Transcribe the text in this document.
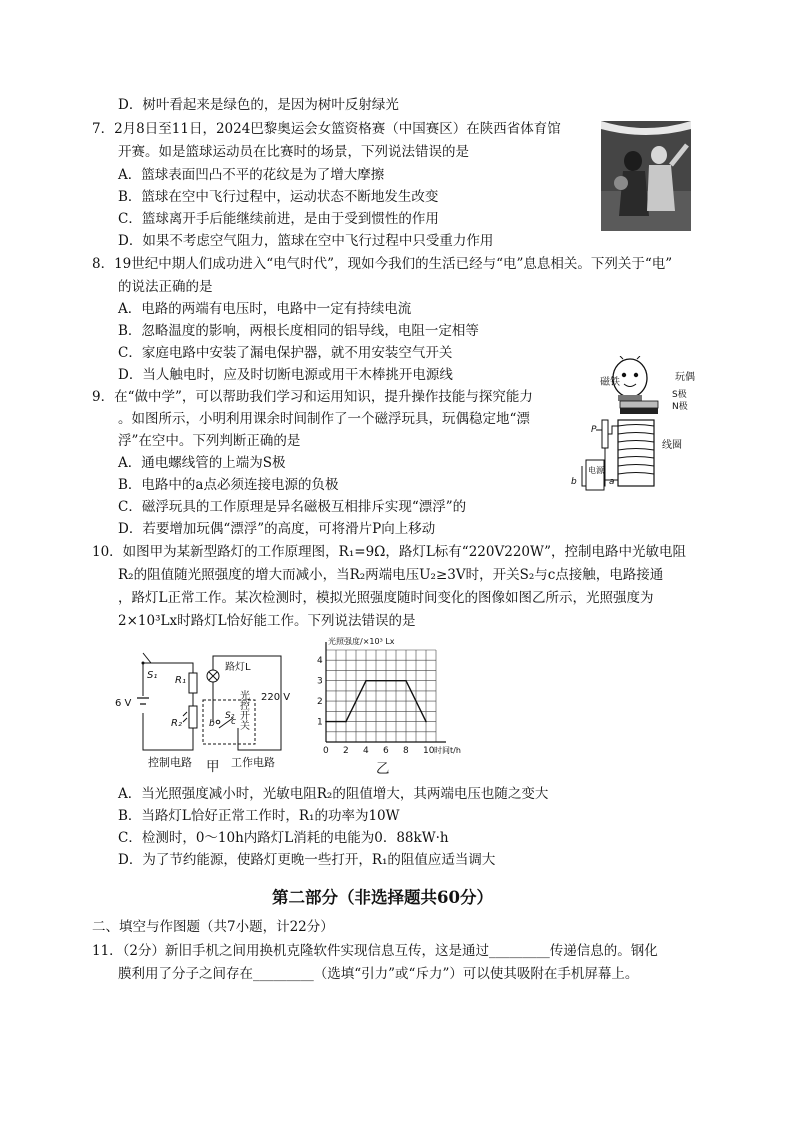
D．树叶看起来是绿色的，是因为树叶反射绿光
7．2月8日至11日，2024巴黎奥运会女篮资格赛（中国赛区）在陕西省体育馆
开赛。如是篮球运动员在比赛时的场景，下列说法错误的是
A．篮球表面凹凸不平的花纹是为了增大摩擦
B．篮球在空中飞行过程中，运动状态不断地发生改变
C．篮球离开手后能继续前进，是由于受到惯性的作用
D．如果不考虑空气阻力，篮球在空中飞行过程中只受重力作用
8．19世纪中期人们成功进入“电气时代”，现如今我们的生活已经与“电”息息相关。下列关于“电”
的说法正确的是
A．电路的两端有电压时，电路中一定有持续电流
B．忽略温度的影响，两根长度相同的铝导线，电阻一定相等
C．家庭电路中安装了漏电保护器，就不用安装空气开关
D．当人触电时，应及时切断电源或用干木棒挑开电源线
9．在“做中学”，可以帮助我们学习和运用知识，提升操作技能与探究能力
。如图所示，小明利用课余时间制作了一个磁浮玩具，玩偶稳定地“漂
浮”在空中。下列判断正确的是
A．通电螺线管的上端为S极
B．电路中的a点必须连接电源的负极
C．磁浮玩具的工作原理是异名磁极互相排斥实现“漂浮”的
D．若要增加玩偶“漂浮”的高度，可将滑片P向上移动
10．如图甲为某新型路灯的工作原理图，R₁=9Ω，路灯L标有“220V220W”，控制电路中光敏电阻
R₂的阻值随光照强度的增大而减小，当R₂两端电压U₂≥3V时，开关S₂与c点接触，电路接通
，路灯L正常工作。某次检测时，模拟光照强度随时间变化的图像如图乙所示，光照强度为
2×10³Lx时路灯L恰好能工作。下列说法错误的是
A．当光照强度减小时，光敏电阻R₂的阻值增大，其两端电压也随之变大
B．当路灯L恰好正常工作时，R₁的功率为10W
C．检测时，0～10h内路灯L消耗的电能为0．88kW·h
D．为了节约能源，使路灯更晚一些打开，R₁的阻值应适当调大
二、填空与作图题（共7小题，计22分）
11．（2分）新旧手机之间用换机克隆软件实现信息互传，这是通过_________传递信息的。钢化
膜利用了分子之间存在_________（选填“引力”或“斥力”）可以使其吸附在手机屏幕上。
第二部分（非选择题共60分）
磁铁	玩偶
S极
N极
P
线圈
电源
b	a
S₁
6 V
R₁
R₂	b
S₂
c
路灯L
220 V
光控开关
控制电路	工作电路
甲
0 2 4 6 8 10
1
2
3
4
光照强度/×10³ Lx
时间t/h
乙
